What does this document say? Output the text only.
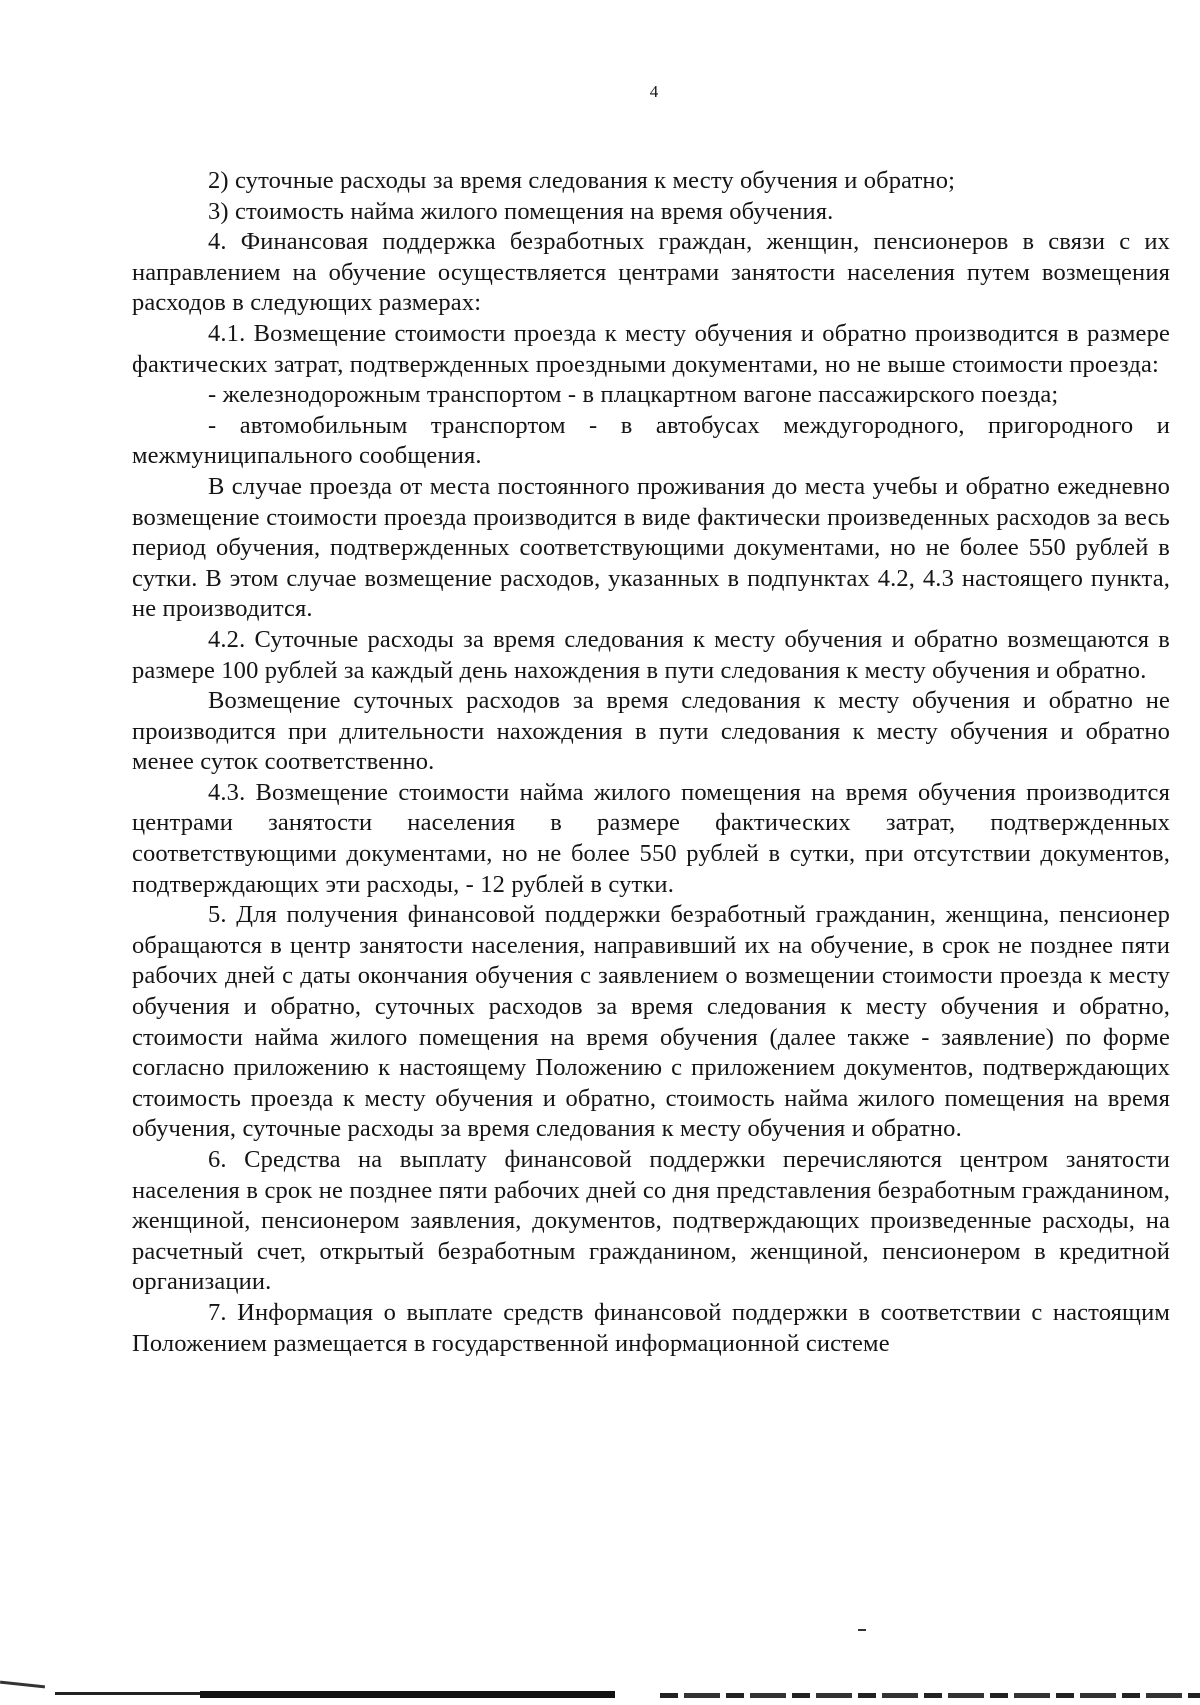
4

2) суточные расходы за время следования к месту обучения и обратно;

3) стоимость найма жилого помещения на время обучения.

4. Финансовая поддержка безработных граждан, женщин, пенсионеров в связи с их направлением на обучение осуществляется центрами занятости населения путем возмещения расходов в следующих размерах:

4.1. Возмещение стоимости проезда к месту обучения и обратно производится в размере фактических затрат, подтвержденных проездными документами, но не выше стоимости проезда:

- железнодорожным транспортом - в плацкартном вагоне пассажирского поезда;

- автомобильным транспортом - в автобусах междугородного, пригородного и межмуниципального сообщения.

В случае проезда от места постоянного проживания до места учебы и обратно ежедневно возмещение стоимости проезда производится в виде фактически произведенных расходов за весь период обучения, подтвержденных соответствующими документами, но не более 550 рублей в сутки. В этом случае возмещение расходов, указанных в подпунктах 4.2, 4.3 настоящего пункта, не производится.

4.2. Суточные расходы за время следования к месту обучения и обратно возмещаются в размере 100 рублей за каждый день нахождения в пути следования к месту обучения и обратно.

Возмещение суточных расходов за время следования к месту обучения и обратно не производится при длительности нахождения в пути следования к месту обучения и обратно менее суток соответственно.

4.3. Возмещение стоимости найма жилого помещения на время обучения производится центрами занятости населения в размере фактических затрат, подтвержденных соответствующими документами, но не более 550 рублей в сутки, при отсутствии документов, подтверждающих эти расходы, - 12 рублей в сутки.

5. Для получения финансовой поддержки безработный гражданин, женщина, пенсионер обращаются в центр занятости населения, направивший их на обучение, в срок не позднее пяти рабочих дней с даты окончания обучения с заявлением о возмещении стоимости проезда к месту обучения и обратно, суточных расходов за время следования к месту обучения и обратно, стоимости найма жилого помещения на время обучения (далее также - заявление) по форме согласно приложению к настоящему Положению с приложением документов, подтверждающих стоимость проезда к месту обучения и обратно, стоимость найма жилого помещения на время обучения, суточные расходы за время следования к месту обучения и обратно.

6. Средства на выплату финансовой поддержки перечисляются центром занятости населения в срок не позднее пяти рабочих дней со дня представления безработным гражданином, женщиной, пенсионером заявления, документов, подтверждающих произведенные расходы, на расчетный счет, открытый безработным гражданином, женщиной, пенсионером в кредитной организации.

7. Информация о выплате средств финансовой поддержки в соответствии с настоящим Положением размещается в государственной информационной системе
